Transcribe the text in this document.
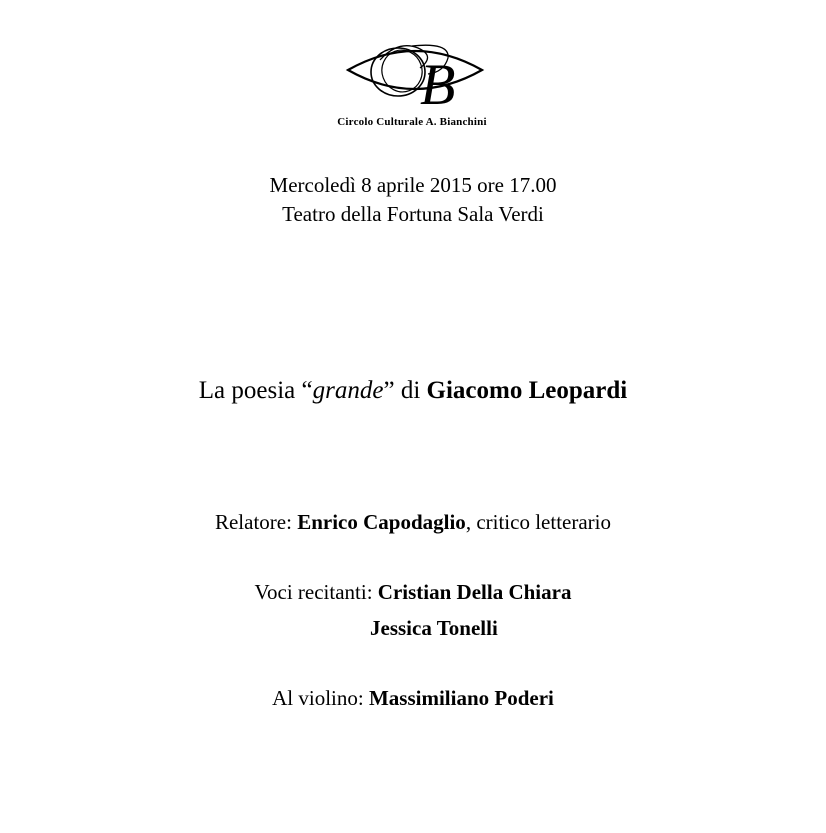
B
Circolo Culturale A. Bianchini
Mercoledì 8 aprile 2015 ore 17.00
Teatro della Fortuna Sala Verdi
La poesia “grande” di Giacomo Leopardi
Relatore: Enrico Capodaglio, critico letterario
Voci recitanti: Cristian Della Chiara
Jessica Tonelli
Al violino: Massimiliano Poderi
